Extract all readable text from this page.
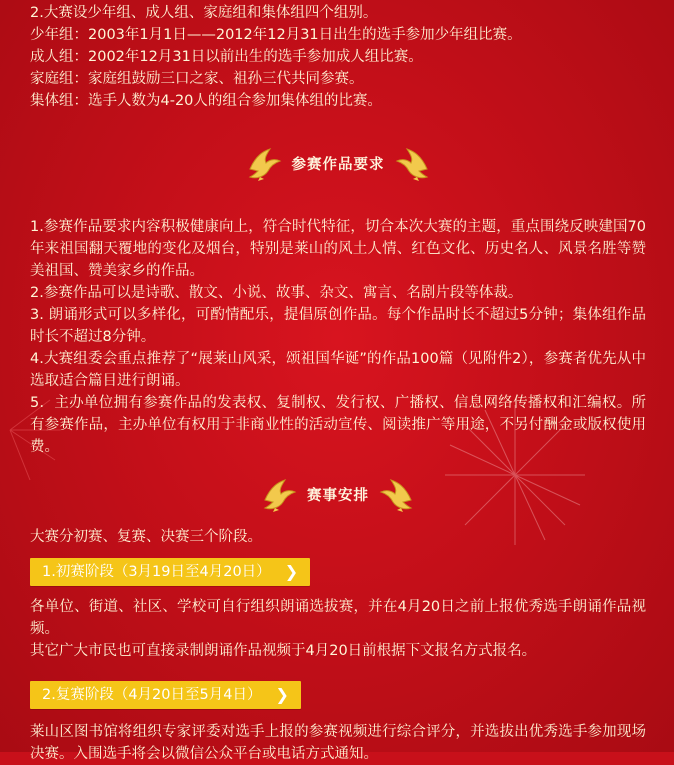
2.大赛设少年组、成人组、家庭组和集体组四个组别。

少年组：2003年1月1日——2012年12月31日出生的选手参加少年组比赛。

成人组：2002年12月31日以前出生的选手参加成人组比赛。

家庭组：家庭组鼓励三口之家、祖孙三代共同参赛。

集体组：选手人数为4-20人的组合参加集体组的比赛。

参赛作品要求

1.参赛作品要求内容积极健康向上，符合时代特征，切合本次大赛的主题，重点围绕反映建国70年来祖国翻天覆地的变化及烟台，特别是莱山的风土人情、红色文化、历史名人、风景名胜等赞美祖国、赞美家乡的作品。

2.参赛作品可以是诗歌、散文、小说、故事、杂文、寓言、名剧片段等体裁。

3. 朗诵形式可以多样化，可酌情配乐，提倡原创作品。每个作品时长不超过5分钟；集体组作品时长不超过8分钟。

4.大赛组委会重点推荐了“展莱山风采，颂祖国华诞”的作品100篇（见附件2），参赛者优先从中选取适合篇目进行朗诵。

5．主办单位拥有参赛作品的发表权、复制权、发行权、广播权、信息网络传播权和汇编权。所有参赛作品，主办单位有权用于非商业性的活动宣传、阅读推广等用途，不另付酬金或版权使用费。

赛事安排

大赛分初赛、复赛、决赛三个阶段。

1.初赛阶段（3月19日至4月20日） ❯

各单位、街道、社区、学校可自行组织朗诵选拔赛，并在4月20日之前上报优秀选手朗诵作品视频。

其它广大市民也可直接录制朗诵作品视频于4月20日前根据下文报名方式报名。

2.复赛阶段（4月20日至5月4日） ❯

莱山区图书馆将组织专家评委对选手上报的参赛视频进行综合评分，并选拔出优秀选手参加现场决赛。入围选手将会以微信公众平台或电话方式通知。
